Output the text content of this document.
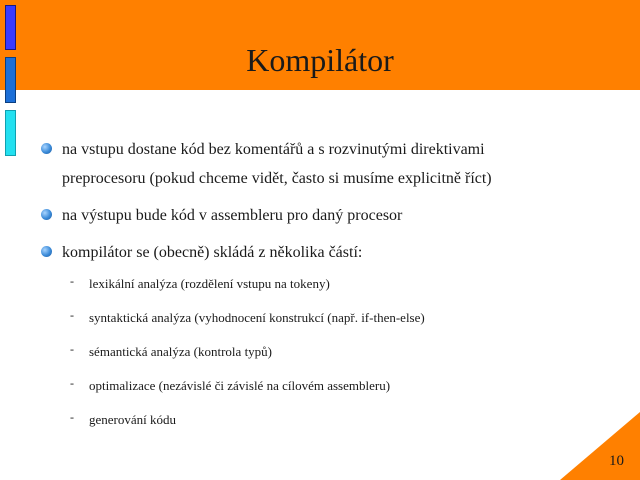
Kompilátor
na vstupu dostane kód bez komentářů a s rozvinutými direktivami
preprocesoru (pokud chceme vidět, často si musíme explicitně říct)
na výstupu bude kód v assembleru pro daný procesor
kompilátor se (obecně) skládá z několika částí:
- lexikální analýza (rozdělení vstupu na tokeny)
- syntaktická analýza (vyhodnocení konstrukcí (např. if-then-else)
- sémantická analýza (kontrola typů)
- optimalizace (nezávislé či závislé na cílovém assembleru)
- generování kódu
10
